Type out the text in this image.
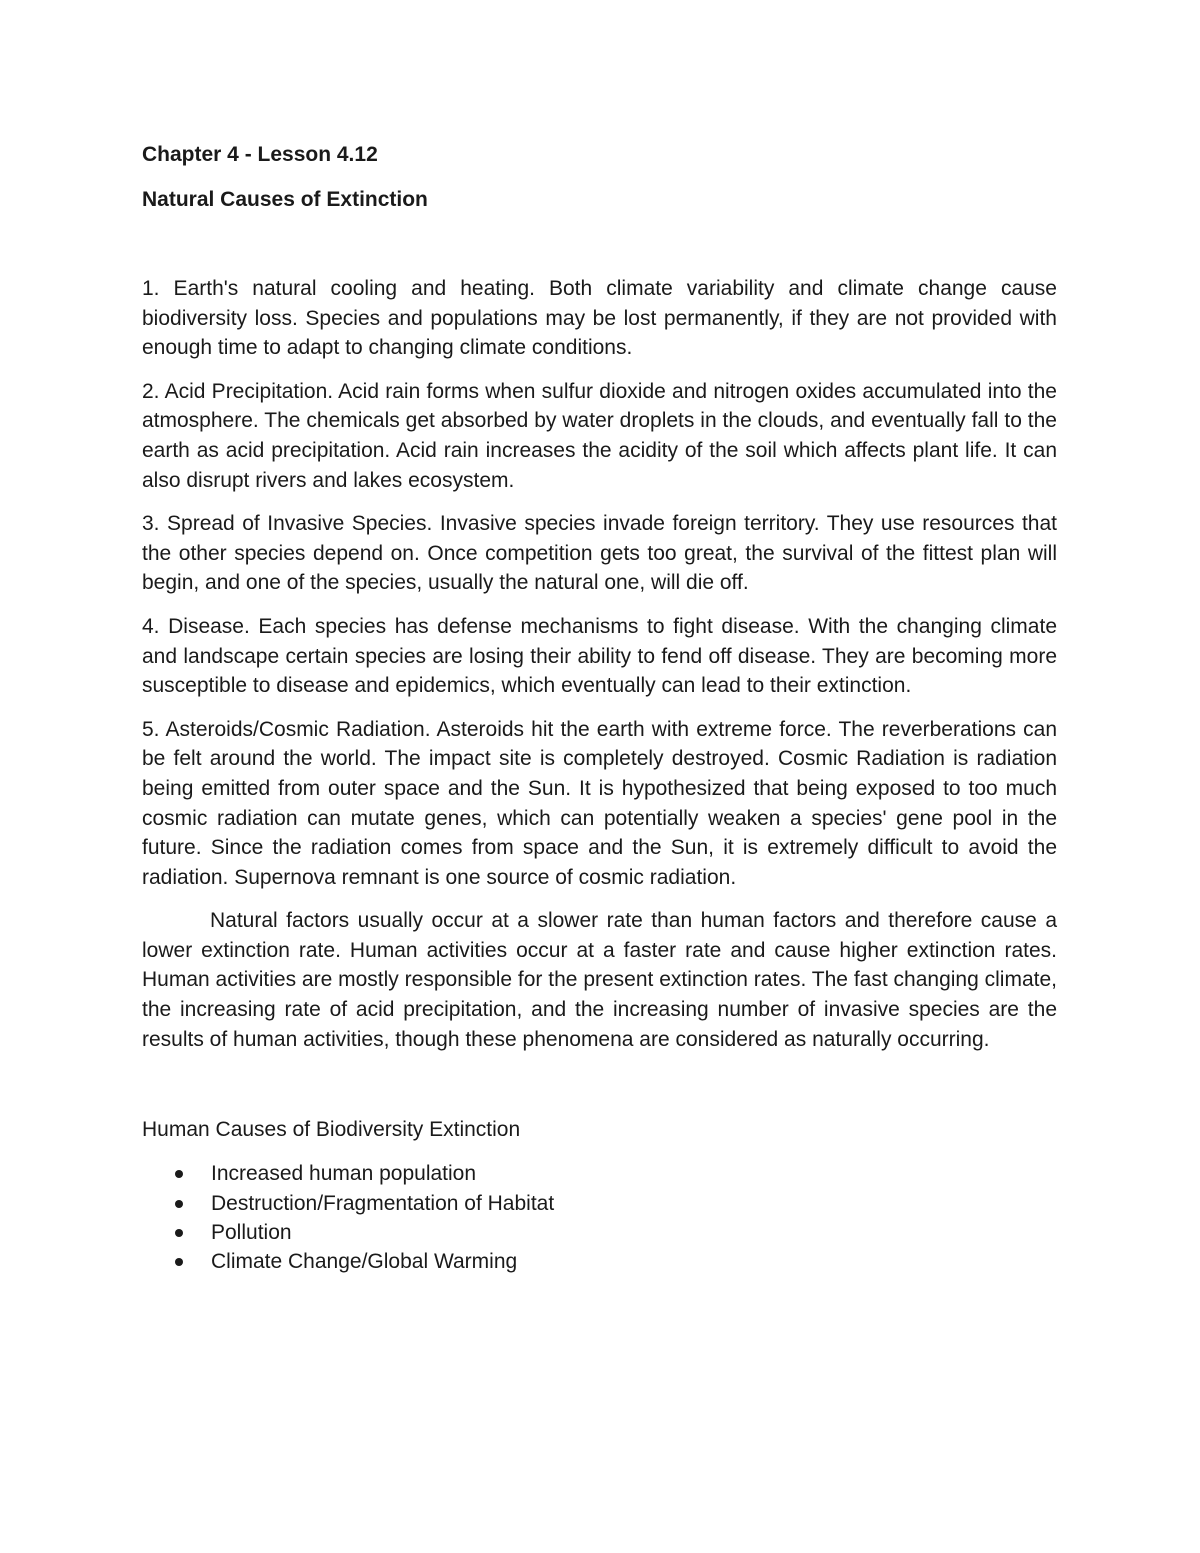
Chapter 4 - Lesson 4.12

Natural Causes of Extinction

1. Earth's natural cooling and heating. Both climate variability and climate change cause biodiversity loss. Species and populations may be lost permanently, if they are not provided with enough time to adapt to changing climate conditions.

2. Acid Precipitation. Acid rain forms when sulfur dioxide and nitrogen oxides accumulated into the atmosphere. The chemicals get absorbed by water droplets in the clouds, and eventually fall to the earth as acid precipitation. Acid rain increases the acidity of the soil which affects plant life. It can also disrupt rivers and lakes ecosystem.

3. Spread of Invasive Species. Invasive species invade foreign territory. They use resources that the other species depend on. Once competition gets too great, the survival of the fittest plan will begin, and one of the species, usually the natural one, will die off.

4. Disease. Each species has defense mechanisms to fight disease. With the changing climate and landscape certain species are losing their ability to fend off disease. They are becoming more susceptible to disease and epidemics, which eventually can lead to their extinction.

5. Asteroids/Cosmic Radiation. Asteroids hit the earth with extreme force. The reverberations can be felt around the world. The impact site is completely destroyed. Cosmic Radiation is radiation being emitted from outer space and the Sun. It is hypothesized that being exposed to too much cosmic radiation can mutate genes, which can potentially weaken a species' gene pool in the future. Since the radiation comes from space and the Sun, it is extremely difficult to avoid the radiation. Supernova remnant is one source of cosmic radiation.

Natural factors usually occur at a slower rate than human factors and therefore cause a lower extinction rate. Human activities occur at a faster rate and cause higher extinction rates. Human activities are mostly responsible for the present extinction rates. The fast changing climate, the increasing rate of acid precipitation, and the increasing number of invasive species are the results of human activities, though these phenomena are considered as naturally occurring.

Human Causes of Biodiversity Extinction

Increased human population
Destruction/Fragmentation of Habitat
Pollution
Climate Change/Global Warming
